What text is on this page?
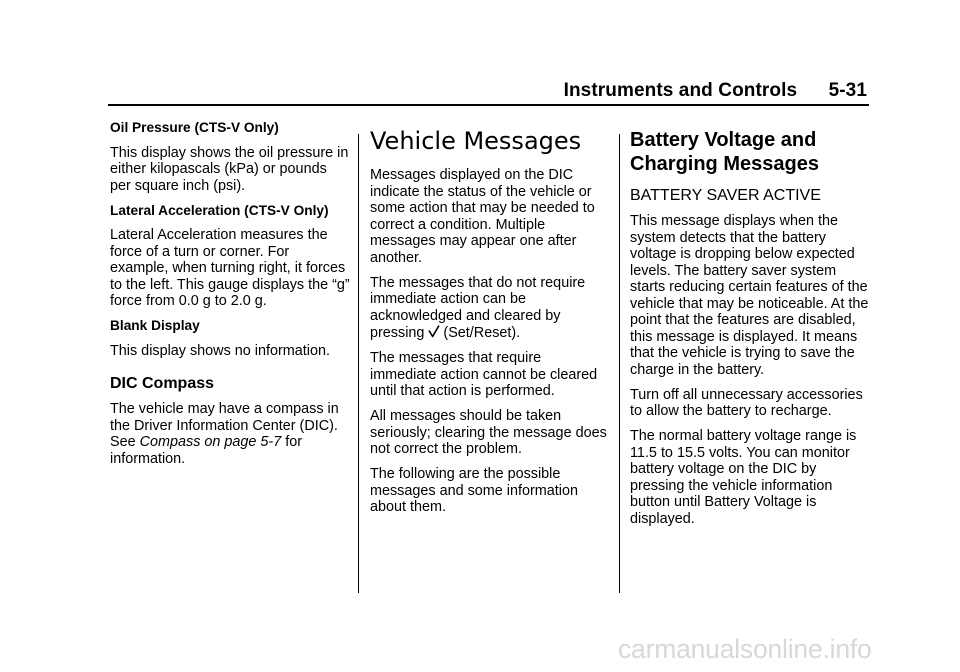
Instruments and Controls 5-31

Oil Pressure (CTS-V Only)

This display shows the oil pressure in either kilopascals (kPa) or pounds per square inch (psi).

Lateral Acceleration (CTS-V Only)

Lateral Acceleration measures the force of a turn or corner. For example, when turning right, it forces to the left. This gauge displays the “g” force from 0.0 g to 2.0 g.

Blank Display

This display shows no information.

DIC Compass

The vehicle may have a compass in the Driver Information Center (DIC). See Compass on page 5‑7 for information.

Vehicle Messages

Messages displayed on the DIC indicate the status of the vehicle or some action that may be needed to correct a condition. Multiple messages may appear one after another.

The messages that do not require immediate action can be acknowledged and cleared by pressing (Set/Reset).

The messages that require immediate action cannot be cleared until that action is performed.

All messages should be taken seriously; clearing the message does not correct the problem.

The following are the possible messages and some information about them.

Battery Voltage and Charging Messages
BATTERY SAVER ACTIVE

This message displays when the system detects that the battery voltage is dropping below expected levels. The battery saver system starts reducing certain features of the vehicle that may be noticeable. At the point that the features are disabled, this message is displayed. It means that the vehicle is trying to save the charge in the battery.

Turn off all unnecessary accessories to allow the battery to recharge.

The normal battery voltage range is 11.5 to 15.5 volts. You can monitor battery voltage on the DIC by pressing the vehicle information button until Battery Voltage is displayed.

carmanualsonline.info
